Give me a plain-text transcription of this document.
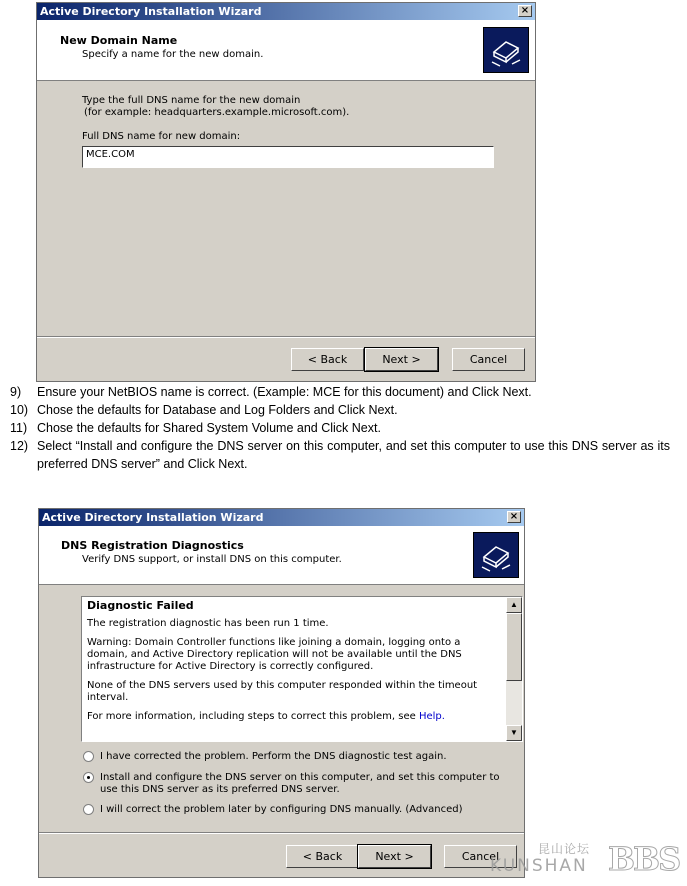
Active Directory Installation Wizard	×
New Domain Name
Specify a name for the new domain.
Type the full DNS name for the new domain
(for example: headquarters.example.microsoft.com).
Full DNS name for new domain:
MCE.COM
< Back	Next >	Cancel
9) Ensure your NetBIOS name is correct. (Example: MCE for this document) and Click Next.
10) Chose the defaults for Database and Log Folders and Click Next.
11) Chose the defaults for Shared System Volume and Click Next.
12) Select “Install and configure the DNS server on this computer, and set this computer to use this DNS server as its preferred DNS server” and Click Next.
Active Directory Installation Wizard	×
DNS Registration Diagnostics
Verify DNS support, or install DNS on this computer.

Diagnostic Failed

The registration diagnostic has been run 1 time.

Warning: Domain Controller functions like joining a domain, logging onto a domain, and Active Directory replication will not be available until the DNS infrastructure for Active Directory is correctly configured.

None of the DNS servers used by this computer responded within the timeout interval.

For more information, including steps to correct this problem, see Help.

▲
▼
I have corrected the problem. Perform the DNS diagnostic test again.
Install and configure the DNS server on this computer, and set this computer to use this DNS server as its preferred DNS server.
I will correct the problem later by configuring DNS manually. (Advanced)
< Back	Next >	Cancel
昆山论坛
KUNSHAN BBS
